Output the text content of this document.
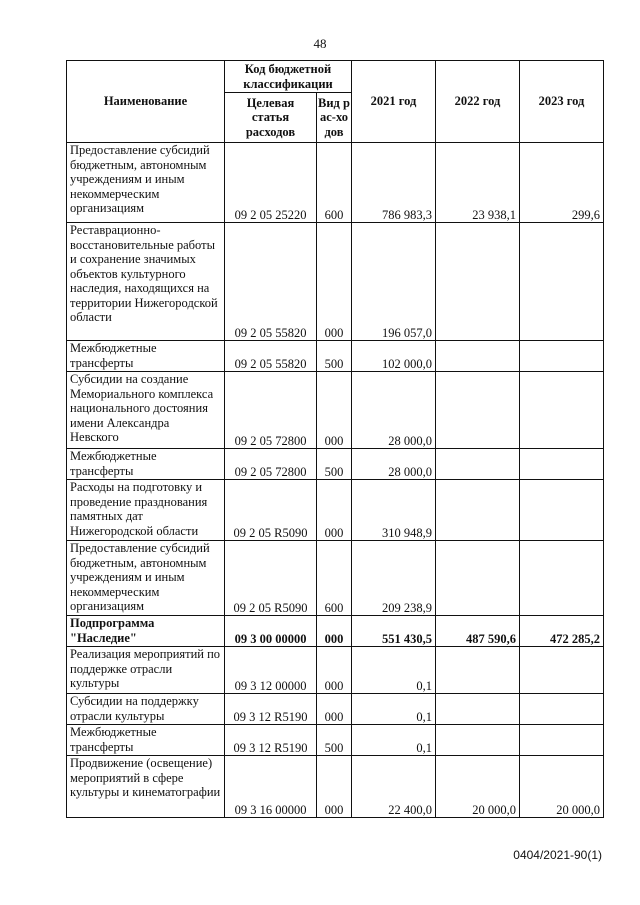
48
Наименование	Код бюджетной классификации		2021 год	2022 год	2023 год
	Целевая статья расходов	Вид рас-ходов			
Предоставление субсидий бюджетным, автономным учреждениям и иным некоммерческим организациям	09 2 05 25220	600	786 983,3	23 938,1	299,6
Реставрационно-восстановительные работы и сохранение значимых объектов культурного наследия, находящихся на территории Нижегородской области	09 2 05 55820	000	196 057,0		
Межбюджетные трансферты	09 2 05 55820	500	102 000,0		
Субсидии на создание Мемориального комплекса национального достояния имени Александра Невского	09 2 05 72800	000	28 000,0		
Межбюджетные трансферты	09 2 05 72800	500	28 000,0		
Расходы на подготовку и проведение празднования памятных дат Нижегородской области	09 2 05 R5090	000	310 948,9		
Предоставление субсидий бюджетным, автономным учреждениям и иным некоммерческим организациям	09 2 05 R5090	600	209 238,9		
Подпрограмма "Наследие"	09 3 00 00000	000	551 430,5	487 590,6	472 285,2
Реализация мероприятий по поддержке отрасли культуры	09 3 12 00000	000	0,1		
Субсидии на поддержку отрасли культуры	09 3 12 R5190	000	0,1		
Межбюджетные трансферты	09 3 12 R5190	500	0,1		
Продвижение (освещение) мероприятий в сфере культуры и кинематографии	09 3 16 00000	000	22 400,0	20 000,0	20 000,0
0404/2021-90(1)
